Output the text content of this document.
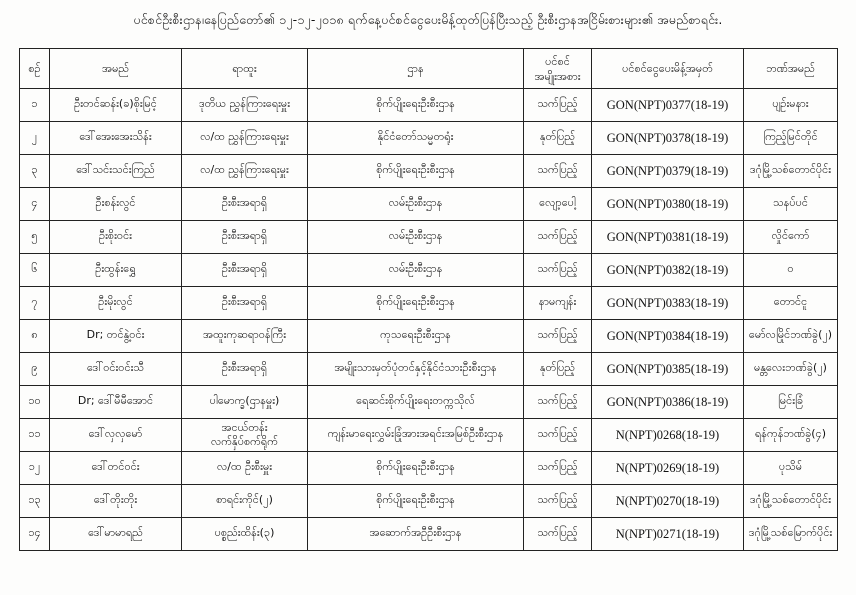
ပင်စင်ဦးစီးဌာန၊နေပြည်တော်၏ ၁၂-၁၂-၂၀၁၈ ရက်နေ့ပင်စင်ငွေပေးမိန့်ထုတ်ပြန်ပြီးသည့် ဦးစီးဌာနအငြိမ်းစားများ၏ အမည်စာရင်း.
စဉ်	အမည်	ရာထူး	ဌာန	ပင်စင်
အမျိုးအစား	ပင်စင်ငွေပေးမိန့်အမှတ်	ဘဏ်အမည်
၁	ဦးတင်ဆန်း(ခ)စိုးမြင့်	ဒုတိယ ညွှန်ကြားရေးမှူး	စိုက်ပျိုးရေးဦးစီးဌာန	သက်ပြည့်	GON(NPT)0377(18-19)	ပျဉ်းမနား
၂	ဒေါ်အေးအေးသိန်း	လ/ထ ညွှန်ကြားရေးမှူး	နိုင်ငံတော်သမ္မတရုံး	နုတ်ပြည့်	GON(NPT)0378(18-19)	ကြည့်မြင်တိုင်
၃	ဒေါ်သင်းသင်းကြည်	လ/ထ ညွှန်ကြားရေးမှူး	စိုက်ပျိုးရေးဦးစီးဌာန	သက်ပြည့်	GON(NPT)0379(18-19)	ဒဂုံမြို့သစ်တောင်ပိုင်း
၄	ဦးစန်းလွင်	ဦးစီးအရာရှိ	လမ်းဦးစီးဌာန	လျော့ပေါ့	GON(NPT)0380(18-19)	သနပ်ပင်
၅	ဦးစိုးဝင်း	ဦးစီးအရာရှိ	လမ်းဦးစီးဌာန	သက်ပြည့်	GON(NPT)0381(18-19)	လှိုင်ကော်
၆	ဦးထွန်းရွှေ	ဦးစီးအရာရှိ	လမ်းဦးစီးဌာန	သက်ပြည့်	GON(NPT)0382(18-19)	ဝ
၇	ဦးမိုးလွင်	ဦးစီးအရာရှိ	စိုက်ပျိုးရေးဦးစီးဌာန	နာမကျန်း	GON(NPT)0383(18-19)	တောင်ငူ
၈	Dr; တင်နွဲ့ဝင်း	အထူးကုဆရာဝန်ကြီး	ကုသရေးဦးစီးဌာန	သက်ပြည့်	GON(NPT)0384(18-19)	မော်လမြိုင်ဘဏ်ခွဲ(၂)
၉	ဒေါ်ဝင်းဝင်းသီ	ဦးစီးအရာရှိ	အမျိုးသားမှတ်ပုံတင်နှင့်နိုင်ငံသားဦးစီးဌာန	နုတ်ပြည့်	GON(NPT)0385(18-19)	မန္တလေးဘဏ်ခွဲ(၂)
၁၀	Dr; ဒေါ်မီမီအောင်	ပါမောက္ခ(ဌာနမှူး)	ရေဆင်းစိုက်ပျိုးရေးတက္ကသိုလ်	သက်ပြည့်	GON(NPT)0386(18-19)	မြင်းခြံ
၁၁	ဒေါ်လှလှမော်	အငယ်တန်း
လက်နှိပ်စက်ရိုက်	ကျန်းမာရေးလွှမ်းခြုံအားအရင်းအမြစ်ဦးစီးဌာန	သက်ပြည့်	N(NPT)0268(18-19)	ရန်ကုန်ဘဏ်ခွဲ(၄)
၁၂	ဒေါ်တင်ဝင်း	လ/ထ ဦးစီးမှူး	စိုက်ပျိုးရေးဦးစီးဌာန	သက်ပြည့်	N(NPT)0269(18-19)	ပုသိမ်
၁၃	ဒေါ်တိုးတိုး	စာရင်းကိုင်(၂)	စိုက်ပျိုးရေးဦးစီးဌာန	သက်ပြည့်	N(NPT)0270(18-19)	ဒဂုံမြို့သစ်တောင်ပိုင်း
၁၄	ဒေါ်မာမာရည်	ပစ္စည်းထိန်း(၃)	အဆောက်အဦဦးစီးဌာန	သက်ပြည့်	N(NPT)0271(18-19)	ဒဂုံမြို့သစ်မြောက်ပိုင်း
